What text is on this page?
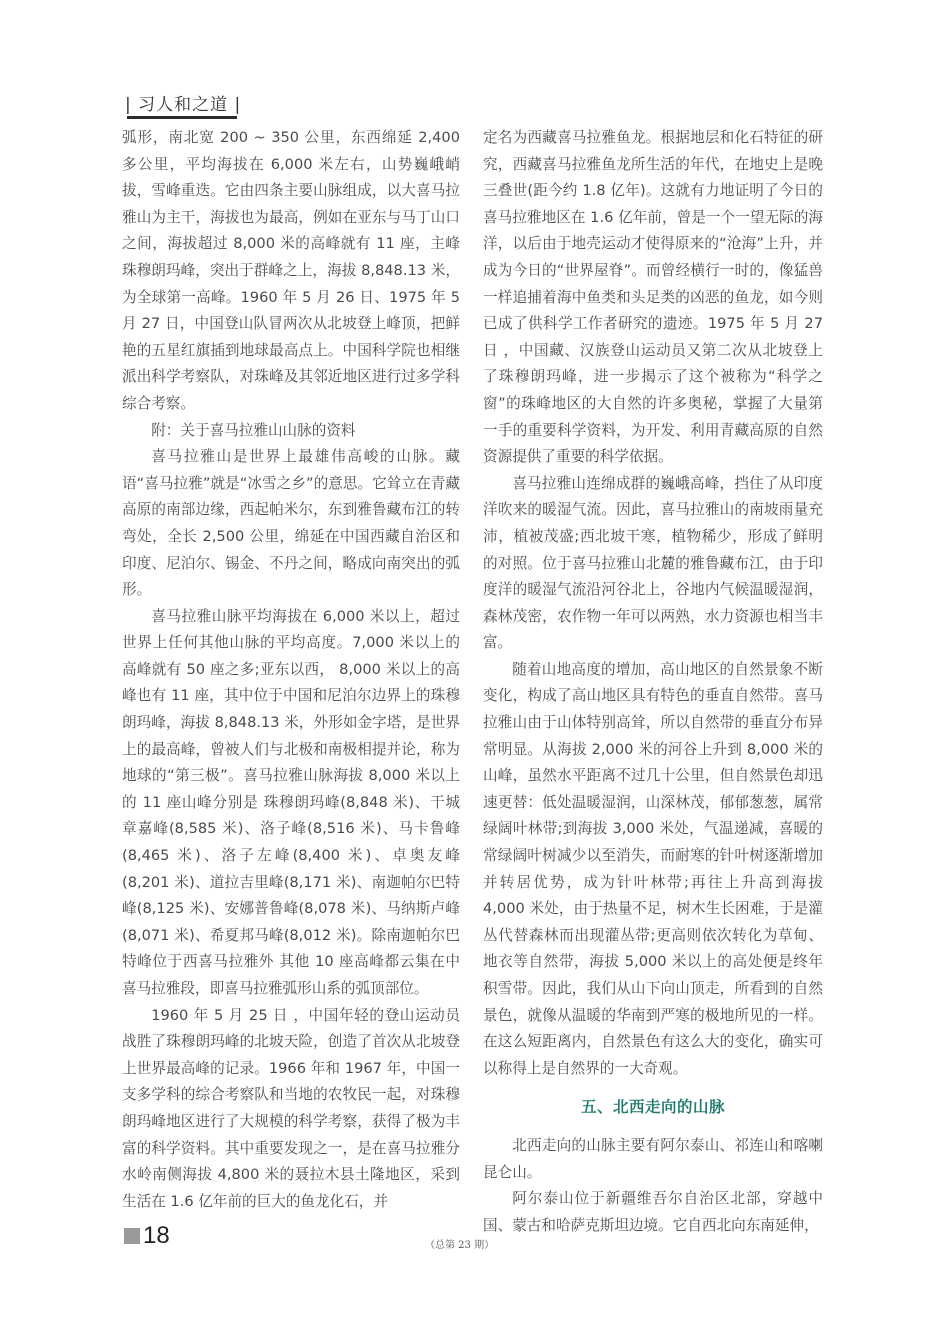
| 习人和之道 |

弧形，南北宽 200 ~ 350 公里，东西绵延 2,400 多公里，平均海拔在 6,000 米左右，山势巍峨峭拔，雪峰重迭。它由四条主要山脉组成，以大喜马拉雅山为主干，海拔也为最高，例如在亚东与马丁山口之间，海拔超过 8,000 米的高峰就有 11 座，主峰珠穆朗玛峰，突出于群峰之上，海拔 8,848.13 米，为全球第一高峰。1960 年 5 月 26 日、1975 年 5 月 27 日，中国登山队冒两次从北坡登上峰顶，把鲜艳的五星红旗插到地球最高点上。中国科学院也相继派出科学考察队，对珠峰及其邻近地区进行过多学科综合考察。

附：关于喜马拉雅山山脉的资料

喜马拉雅山是世界上最雄伟高峻的山脉。藏语“喜马拉雅”就是“冰雪之乡”的意思。它耸立在青藏高原的南部边缘，西起帕米尔，东到雅鲁藏布江的转弯处，全长 2,500 公里，绵延在中国西藏自治区和印度、尼泊尔、锡金、不丹之间，略成向南突出的弧形。

喜马拉雅山脉平均海拔在 6,000 米以上，超过世界上任何其他山脉的平均高度。7,000 米以上的高峰就有 50 座之多;亚东以西， 8,000 米以上的高峰也有 11 座，其中位于中国和尼泊尔边界上的珠穆朗玛峰，海拔 8,848.13 米，外形如金字塔，是世界上的最高峰，曾被人们与北极和南极相提并论，称为地球的“第三极”。喜马拉雅山脉海拔 8,000 米以上的 11 座山峰分别是 珠穆朗玛峰(8,848 米)、干城章嘉峰(8,585 米)、洛子峰(8,516 米)、马卡鲁峰(8,465 米)、洛子左峰(8,400 米)、卓奥友峰(8,201 米)、道拉吉里峰(8,171 米)、南迦帕尔巴特峰(8,125 米)、安娜普鲁峰(8,078 米)、马纳斯卢峰(8,071 米)、希夏邦马峰(8,012 米)。除南迦帕尔巴特峰位于西喜马拉雅外 其他 10 座高峰都云集在中喜马拉雅段，即喜马拉雅弧形山系的弧顶部位。

1960 年 5 月 25 日 ，中国年轻的登山运动员战胜了珠穆朗玛峰的北坡天险，创造了首次从北坡登上世界最高峰的记录。1966 年和 1967 年，中国一支多学科的综合考察队和当地的农牧民一起，对珠穆朗玛峰地区进行了大规模的科学考察，获得了极为丰富的科学资料。其中重要发现之一，是在喜马拉雅分水岭南侧海拔 4,800 米的聂拉木县土隆地区，采到生活在 1.6 亿年前的巨大的鱼龙化石，并

定名为西藏喜马拉雅鱼龙。根据地层和化石特征的研究，西藏喜马拉雅鱼龙所生活的年代，在地史上是晚三叠世(距今约 1.8 亿年)。这就有力地证明了今日的喜马拉雅地区在 1.6 亿年前，曾是一个一望无际的海洋，以后由于地壳运动才使得原来的“沧海”上升，并成为今日的“世界屋脊”。而曾经横行一时的，像猛兽一样追捕着海中鱼类和头足类的凶恶的鱼龙，如今则已成了供科学工作者研究的遗迹。1975 年 5 月 27 日 ，中国藏、汉族登山运动员又第二次从北坡登上了珠穆朗玛峰，进一步揭示了这个被称为“科学之窗”的珠峰地区的大自然的许多奥秘，掌握了大量第一手的重要科学资料，为开发、利用青藏高原的自然资源提供了重要的科学依据。

喜马拉雅山连绵成群的巍峨高峰，挡住了从印度洋吹来的暖湿气流。因此，喜马拉雅山的南坡雨量充沛，植被茂盛;西北坡干寒，植物稀少，形成了鲜明的对照。位于喜马拉雅山北麓的雅鲁藏布江，由于印度洋的暖湿气流沿河谷北上，谷地内气候温暖湿润，森林茂密，农作物一年可以两熟，水力资源也相当丰富。

随着山地高度的增加，高山地区的自然景象不断变化，构成了高山地区具有特色的垂直自然带。喜马拉雅山由于山体特别高耸，所以自然带的垂直分布异常明显。从海拔 2,000 米的河谷上升到 8,000 米的山峰，虽然水平距离不过几十公里，但自然景色却迅速更替：低处温暖湿润，山深林茂，郁郁葱葱，属常绿阔叶林带;到海拔 3,000 米处，气温递减，喜暖的常绿阔叶树减少以至消失，而耐寒的针叶树逐渐增加并转居优势，成为针叶林带;再往上升高到海拔 4,000 米处，由于热量不足，树木生长困难，于是灌丛代替森林而出现灌丛带;更高则依次转化为草甸、地衣等自然带，海拔 5,000 米以上的高处便是终年积雪带。因此，我们从山下向山顶走，所看到的自然景色，就像从温暖的华南到严寒的极地所见的一样。在这么短距离内，自然景色有这么大的变化，确实可以称得上是自然界的一大奇观。

五、北西走向的山脉

北西走向的山脉主要有阿尔泰山、祁连山和喀喇昆仑山。

阿尔泰山位于新疆维吾尔自治区北部，穿越中国、蒙古和哈萨克斯坦边境。它自西北向东南延伸，

18	（总第 23 期）
